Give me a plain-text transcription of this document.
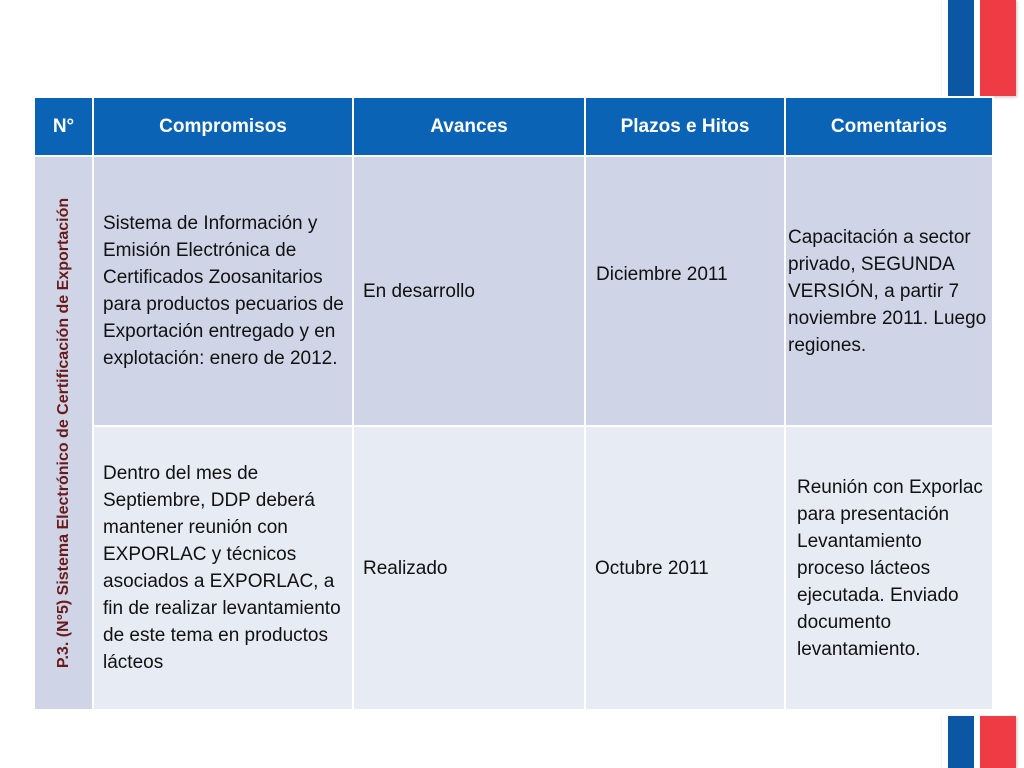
N°	Compromisos	Avances	Plazos e Hitos	Comentarios

P.3. (N°5) Sistema Electrónico de Certificación de Exportación	Sistema de Información y Emisión Electrónica de Certificados Zoosanitarios para productos pecuarios de Exportación entregado y en explotación: enero de 2012.	En desarrollo	Diciembre 2011	Capacitación a sector privado, SEGUNDA VERSIÓN, a partir 7 noviembre 2011. Luego regiones.

	Dentro del mes de Septiembre, DDP deberá mantener reunión con EXPORLAC y técnicos asociados a EXPORLAC, a fin de realizar levantamiento de este tema en productos lácteos	Realizado	Octubre 2011	Reunión con Exporlac para presentación Levantamiento proceso lácteos ejecutada. Enviado documento levantamiento.
